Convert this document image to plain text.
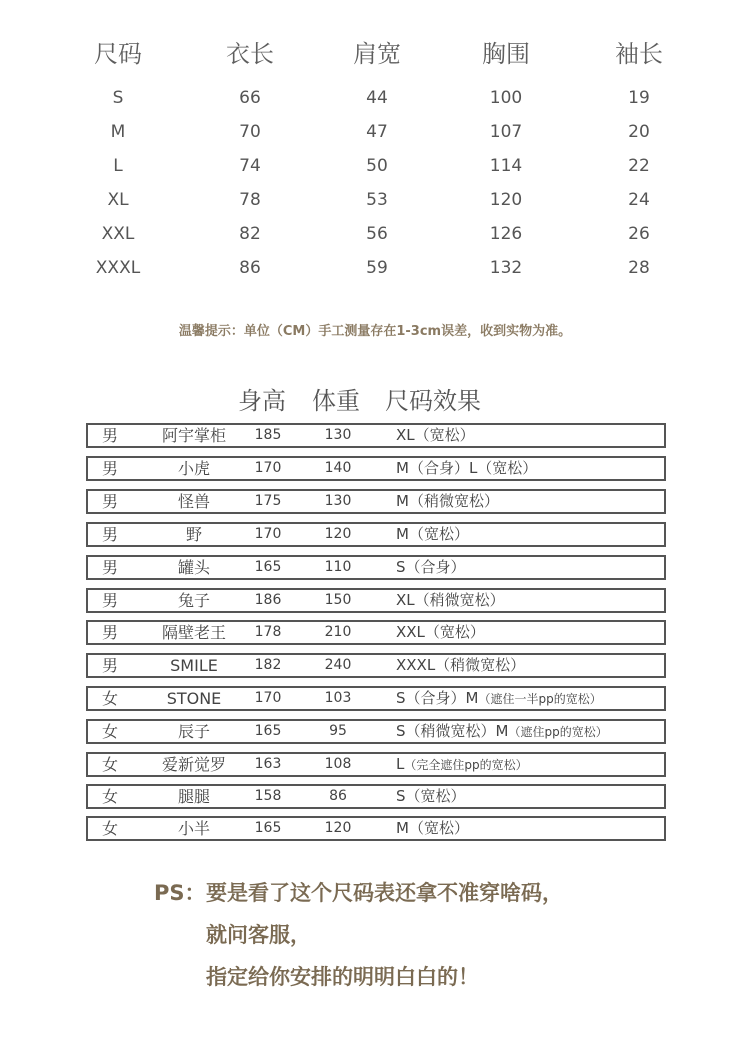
尺码	衣长	肩宽	胸围	袖长
S	66	44	100	19
M	70	47	107	20
L	74	50	114	22
XL	78	53	120	24
XXL	82	56	126	26
XXXL	86	59	132	28
温馨提示：单位（CM）手工测量存在1-3cm误差，收到实物为准。
身高 体重 尺码效果
男	阿宇掌柜	185	130	XL（宽松）
男	小虎	170	140	M（合身）L（宽松）
男	怪兽	175	130	M（稍微宽松）
男	野	170	120	M（宽松）
男	罐头	165	110	S（合身）
男	兔子	186	150	XL（稍微宽松）
男	隔壁老王	178	210	XXL（宽松）
男	SMILE	182	240	XXXL（稍微宽松）
女	STONE	170	103	S（合身）M（遮住一半pp的宽松）
女	辰子	165	95	S（稍微宽松）M（遮住pp的宽松）
女	爱新觉罗	163	108	L（完全遮住pp的宽松）
女	腿腿	158	86	S（宽松）
女	小半	165	120	M（宽松）
PS： 要是看了这个尺码表还拿不准穿啥码，
就问客服，
指定给你安排的明明白白的！
